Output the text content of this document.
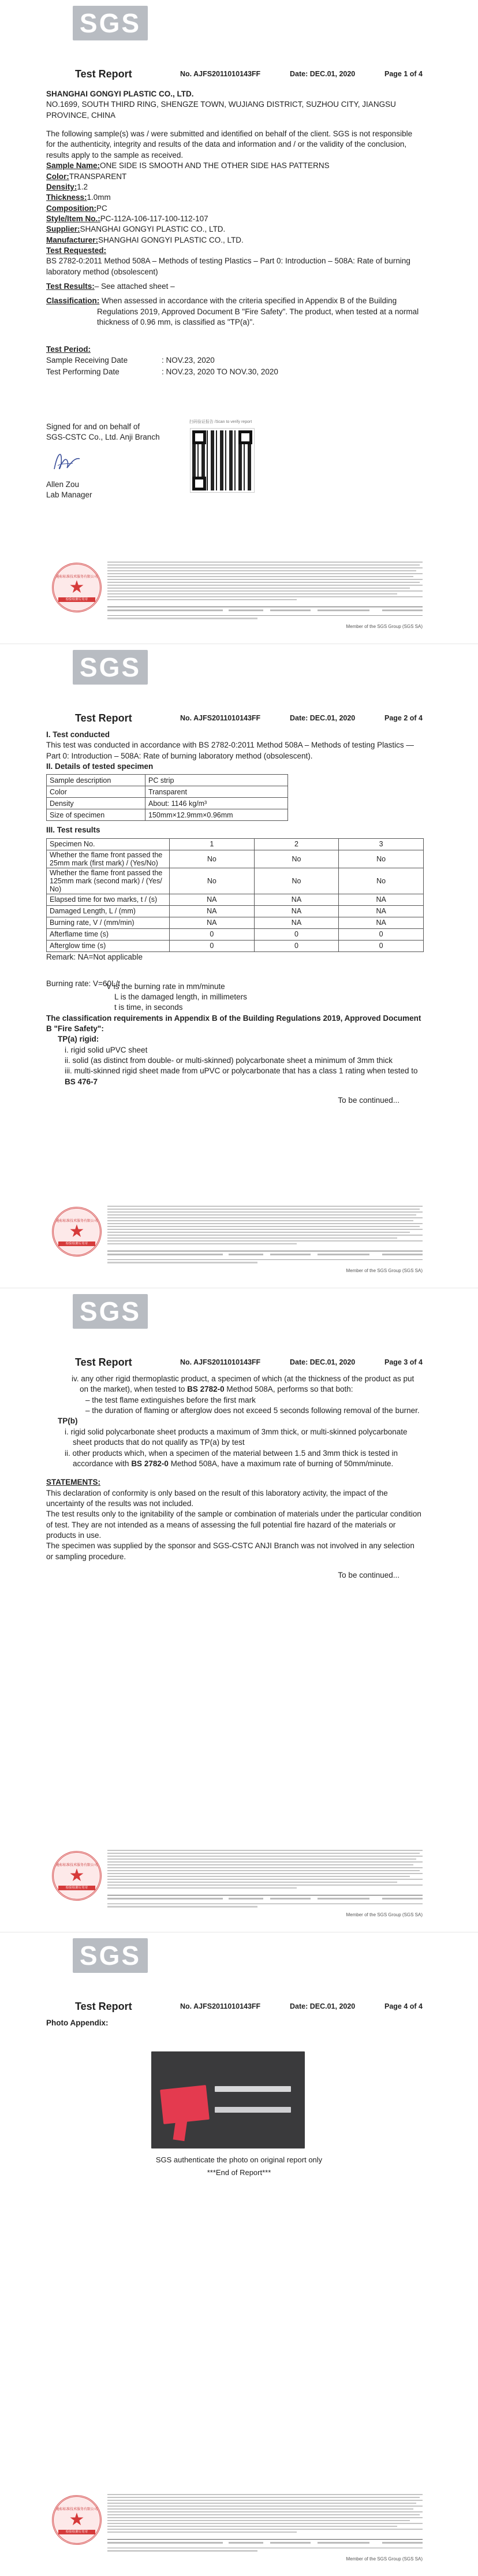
SGS
Test Report	No. AJFS2011010143FF	Date: DEC.01, 2020	Page 1 of 4

SHANGHAI GONGYI PLASTIC CO., LTD.

NO.1699, SOUTH THIRD RING, SHENGZE TOWN, WUJIANG DISTRICT, SUZHOU CITY, JIANGSU PROVINCE, CHINA

The following sample(s) was / were submitted and identified on behalf of the client. SGS is not responsible for the authenticity, integrity and results of the data and information and / or the validity of the conclusion, results apply to the sample as received.

Sample Name: ONE SIDE IS SMOOTH AND THE OTHER SIDE HAS PATTERNS
Color: TRANSPARENT
Density: 1.2
Thickness: 1.0mm
Composition: PC
Style/Item No.: PC-112A-106-117-100-112-107
Supplier: SHANGHAI GONGYI PLASTIC CO., LTD.
Manufacturer: SHANGHAI GONGYI PLASTIC CO., LTD.

Test Requested:

BS 2782-0:2011 Method 508A – Methods of testing Plastics – Part 0: Introduction – 508A: Rate of burning laboratory method (obsolescent)

Test Results: – See attached sheet –

Classification: When assessed in accordance with the criteria specified in Appendix B of the Building Regulations 2019, Approved Document B "Fire Safety". The product, when tested at a normal thickness of 0.96 mm, is classified as "TP(a)".

Test Period:

Sample Receiving Date	: NOV.23, 2020
Test Performing Date	: NOV.23, 2020 TO NOV.30, 2020
Signed for and on behalf of
SGS-CSTC Co., Ltd. Anji Branch
Allen Zou
Lab Manager
扫码验证报告 /Scan to verify report
通标标准技术服务有限公司
★
检验检测专用章
Member of the SGS Group (SGS SA)
SGS
Test Report	No. AJFS2011010143FF	Date: DEC.01, 2020	Page 2 of 4

I. Test conducted

This test was conducted in accordance with BS 2782-0:2011 Method 508A – Methods of testing Plastics —Part 0: Introduction – 508A: Rate of burning laboratory method (obsolescent).

II. Details of tested specimen

Sample description	PC strip
Color	Transparent
Density	About: 1146 kg/m³
Size of specimen	150mm×12.9mm×0.96mm

III. Test results

Specimen No.	1	2	3
Whether the flame front passed the 25mm mark (first mark) / (Yes/No)	No	No	No
Whether the flame front passed the 125mm mark (second mark) / (Yes/ No)	No	No	No
Elapsed time for two marks, t / (s)	NA	NA	NA
Damaged Length, L / (mm)	NA	NA	NA
Burning rate, V / (mm/min)	NA	NA	NA
Afterflame time (s)	0	0	0
Afterglow time (s)	0	0	0

Remark: NA=Not applicable

Burning rate: V=60L/t

V is the burning rate in mm/minute

L is the damaged length, in millimeters

t is time, in seconds

The classification requirements in Appendix B of the Building Regulations 2019, Approved Document B "Fire Safety":

TP(a) rigid:

i. rigid solid uPVC sheet

ii. solid (as distinct from double- or multi-skinned) polycarbonate sheet a minimum of 3mm thick

iii. multi-skinned rigid sheet made from uPVC or polycarbonate that has a class 1 rating when tested to BS 476-7

To be continued...

通标标准技术服务有限公司
★
检验检测专用章
Member of the SGS Group (SGS SA)
SGS
Test Report	No. AJFS2011010143FF	Date: DEC.01, 2020	Page 3 of 4

iv. any other rigid thermoplastic product, a specimen of which (at the thickness of the product as put on the market), when tested to BS 2782-0 Method 508A, performs so that both:

– the test flame extinguishes before the first mark

– the duration of flaming or afterglow does not exceed 5 seconds following removal of the burner.

TP(b)

i. rigid solid polycarbonate sheet products a maximum of 3mm thick, or multi-skinned polycarbonate sheet products that do not qualify as TP(a) by test

ii. other products which, when a specimen of the material between 1.5 and 3mm thick is tested in accordance with BS 2782-0 Method 508A, have a maximum rate of burning of 50mm/minute.

STATEMENTS:

This declaration of conformity is only based on the result of this laboratory activity, the impact of the uncertainty of the results was not included.

The test results only to the ignitability of the sample or combination of materials under the particular condition of test. They are not intended as a means of assessing the full potential fire hazard of the materials or products in use.

The specimen was supplied by the sponsor and SGS-CSTC ANJI Branch was not involved in any selection or sampling procedure.

To be continued...

通标标准技术服务有限公司
★
检验检测专用章
Member of the SGS Group (SGS SA)
SGS
Test Report	No. AJFS2011010143FF	Date: DEC.01, 2020	Page 4 of 4

Photo Appendix:

SGS authenticate the photo on original report only
***End of Report***
通标标准技术服务有限公司
★
检验检测专用章
Member of the SGS Group (SGS SA)
